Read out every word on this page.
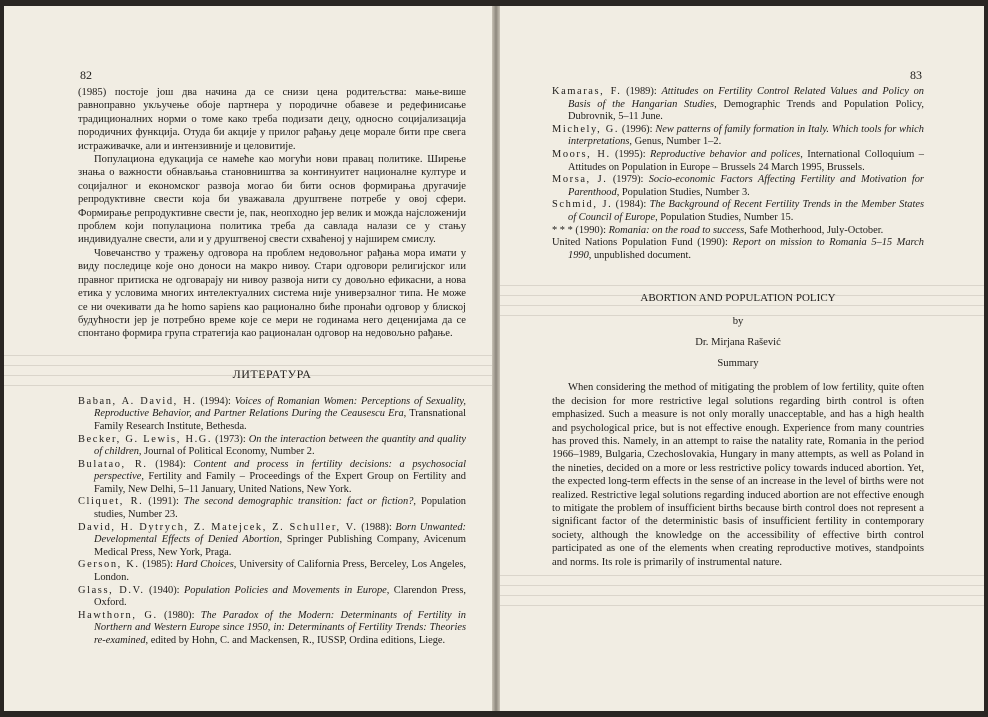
82

(1985) постоје још два начина да се снизи цена родитељства: мање-више равноправно укључење обоје партнера у породичне обавезе и редефинисање традиционалних норми о томе како треба подизати децу, односно социјализација породичних функција. Отуда би акције у прилог рађању деце морале бити пре свега истраживачке, али и интензивније и целовитије.

Популациона едукација се намеће као могући нови правац политике. Ширење знања о важности обнављања становништва за континуитет националне културе и социјалног и економског развоја могао би бити основ формирања другачије репродуктивне свести која би уважавала друштвене потребе у овој сфери. Формирање репродуктивне свести је, пак, неопходно јер велик и можда најсложенији проблем који популациона политика треба да савлада налази се у стању индивидуалне свести, али и у друштвеној свести схваћеној у најширем смислу.

Човечанство у тражењу одговора на проблем недовољног рађања мора имати у виду последице које оно доноси на макро нивоу. Стари одговори религијског или правног притиска не одговарају ни нивоу развоја нити су довољно ефикасни, а нова етика у условима многих интелектуалних система није универзалног типа. Не може се ни очекивати да ће homo sapiens као рационално биће пронаћи одговор у блиској будућности јер је потребно време које се мери не годинама него деценијама да се спонтано формира група стратегија као рационалан одговор на недовољно рађање.

ЛИТЕРАТУРА

Baban, A. David, H. (1994): Voices of Romanian Women: Perceptions of Sexuality, Reproductive Behavior, and Partner Relations During the Ceausescu Era, Transnational Family Research Institute, Bethesda.

Becker, G. Lewis, H.G. (1973): On the interaction between the quantity and quality of children, Journal of Political Economy, Number 2.

Bulatao, R. (1984): Content and process in fertility decisions: a psychosocial perspective, Fertility and Family – Proceedings of the Expert Group on Fertility and Family, New Delhi, 5–11 January, United Nations, New York.

Cliquet, R. (1991): The second demographic transition: fact or fiction?, Population studies, Number 23.

David, H. Dytrych, Z. Matejcek, Z. Schuller, V. (1988): Born Unwanted: Developmental Effects of Denied Abortion, Springer Publishing Company, Avicenum Medical Press, New York, Praga.

Gerson, K. (1985): Hard Choices, University of California Press, Berceley, Los Angeles, London.

Glass, D.V. (1940): Population Policies and Movements in Europe, Clarendon Press, Oxford.

Hawthorn, G. (1980): The Paradox of the Modern: Determinants of Fertility in Northern and Western Europe since 1950, in: Determinants of Fertility Trends: Theories re-examined, edited by Hohn, C. and Mackensen, R., IUSSP, Ordina editions, Liege.

83

Kamaras, F. (1989): Attitudes on Fertility Control Related Values and Policy on Basis of the Hangarian Studies, Demographic Trends and Population Policy, Dubrovnik, 5–11 June.

Michely, G. (1996): New patterns of family formation in Italy. Which tools for which interpretations, Genus, Number 1–2.

Moors, H. (1995): Reproductive behavior and polices, International Colloquium – Attitudes on Population in Europe – Brussels 24 March 1995, Brussels.

Morsa, J. (1979): Socio-economic Factors Affecting Fertility and Motivation for Parenthood, Population Studies, Number 3.

Schmid, J. (1984): The Background of Recent Fertility Trends in the Member States of Council of Europe, Population Studies, Number 15.

* * * (1990): Romania: on the road to success, Safe Motherhood, July-October.

United Nations Population Fund (1990): Report on mission to Romania 5–15 March 1990, unpublished document.

ABORTION AND POPULATION POLICY
by
Dr. Mirjana Rašević
Summary

When considering the method of mitigating the problem of low fertility, quite often the decision for more restrictive legal solutions regarding birth control is often emphasized. Such a measure is not only morally unacceptable, and has a high health and psychological price, but is not effective enough. Experience from many countries has proved this. Namely, in an attempt to raise the natality rate, Romania in the period 1966–1989, Bulgaria, Czechoslovakia, Hungary in many attempts, as well as Poland in the nineties, decided on a more or less restrictive policy towards induced abortion. Yet, the expected long-term effects in the sense of an increase in the level of births were not realized. Restrictive legal solutions regarding induced abortion are not effective enough to mitigate the problem of insufficient births because birth control does not represent a significant factor of the deterministic basis of insufficient fertility in contemporary society, although the knowledge on the accessibility of effective birth control participated as one of the elements when creating reproductive motives, standpoints and norms. Its role is primarily of instrumental nature.
